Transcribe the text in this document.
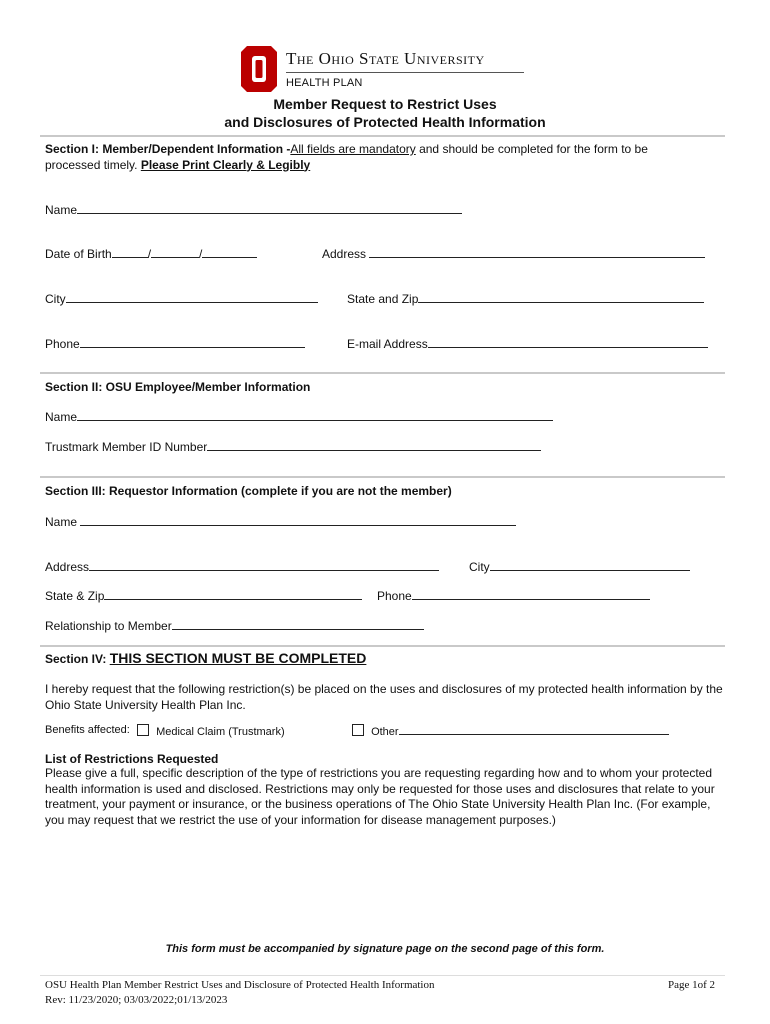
The Ohio State University
HEALTH PLAN
Member Request to Restrict Uses
and Disclosures of Protected Health Information
Section I: Member/Dependent Information -All fields are mandatory and should be completed for the form to be
processed timely. Please Print Clearly & Legibly
Name
Date of Birth	/	/	Address
City	State and Zip
Phone	E-mail Address
Section II: OSU Employee/Member Information
Name
Trustmark Member ID Number
Section III: Requestor Information (complete if you are not the member)
Name
Address	City
State & Zip	Phone
Relationship to Member
Section IV: THIS SECTION MUST BE COMPLETED
I hereby request that the following restriction(s) be placed on the uses and disclosures of my protected health information by the Ohio State University Health Plan Inc.
Benefits affected:	Medical Claim (Trustmark)	Other
List of Restrictions Requested
Please give a full, specific description of the type of restrictions you are requesting regarding how and to whom your protected health information is used and disclosed. Restrictions may only be requested for those uses and disclosures that relate to your treatment, your payment or insurance, or the business operations of The Ohio State University Health Plan Inc. (For example, you may request that we restrict the use of your information for disease management purposes.)
This form must be accompanied by signature page on the second page of this form.
OSU Health Plan Member Restrict Uses and Disclosure of Protected Health Information
Rev: 11/23/2020; 03/03/2022;01/13/2023
Page 1of 2
